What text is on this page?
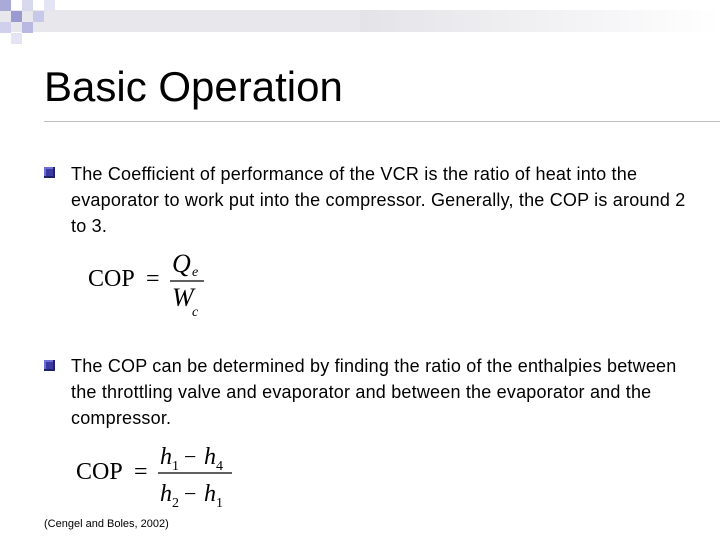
Basic Operation

The Coefficient of performance of the VCR is the ratio of heat into the evaporator to work put into the compressor. Generally, the COP is around 2 to 3.

COP =
Q e
W
c

The COP can be determined by finding the ratio of the enthalpies between the throttling valve and evaporator and between the evaporator and the compressor.

COP =
h 1 − h 4
h 2 − h 1
(Cengel and Boles, 2002)
